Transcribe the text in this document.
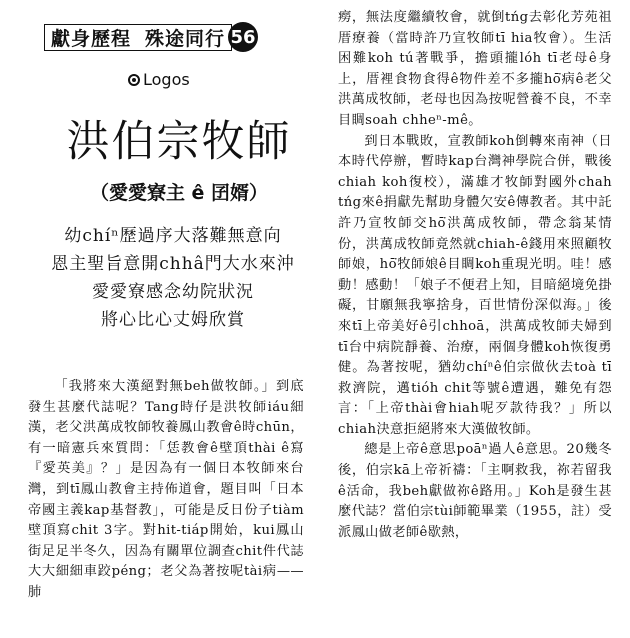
獻身歷程 殊途同行 56
Logos
洪伯宗牧師
（愛愛寮主 ê 囝婿）
幼chíⁿ歷過序大落難無意向
恩主聖旨意開chhâ門大水來沖
愛愛寮感念幼院狀況
將心比心丈姆欣賞

「我將來大漢絕對無beh做牧師。」到底發生甚麼代誌呢？Tang時仔是洪牧師iáu細漢，老父洪萬成牧師牧養鳳山教會ê時chūn，有一暗憲兵來質問：「恁教會ê壁頂thài ê寫『愛英美』？」是因為有一個日本牧師來台灣，到tī鳳山教會主持佈道會，題目叫「日本帝國主義kap基督教」，可能是反日份子tiàm壁頂寫chit 3字。對hit-tiáp開始，kui鳳山街足足半冬久，因為有關單位調查chit件代誌大大細細車跤péng；老父為著按呢tài病——肺

癆，無法度繼續牧會，就倒tńg去彰化芳苑祖厝療養（當時許乃宣牧師tī hia牧會）。生活困難koh tú著戰爭，擔頭攏lóh tī老母ê身上，厝裡食物食得ê物件差不多攏hō͘病ê老父洪萬成牧師，老母也因為按呢營養不良，不幸目睭soah chheⁿ-mê。

到日本戰敗，宣教師koh倒轉來南神（日本時代停辦，暫時kap台灣神學院合併，戰後chiah koh復校），滿雄才牧師對國外chah tńg來ê捐獻先幫助身體欠安ê傳教者。其中託許乃宣牧師交hō͘洪萬成牧師，帶念翁某情份，洪萬成牧師竟然就chiah-ê錢用來照顧牧師娘，hō͘牧師娘ê目睭koh重現光明。哇！感動！感動！「娘子不便君上知，目暗絕境免掛礙，甘願無我寧捨身，百世情份深似海。」後來tī上帝美好ê引chhoā，洪萬成牧師夫婦到tī台中病院靜養、治療，兩個身體koh恢復勇健。為著按呢，猶幼chíⁿê伯宗做伙去toà tī救濟院，邁tióh chit等號ê遭遇，難免有怨言：「上帝thài會hiah呢歹款待我？」所以chiah決意拒絕將來大漢做牧師。

總是上帝ê意思poāⁿ過人ê意思。20幾冬後，伯宗kā上帝祈禱：「主啊救我，祢若留我ê活命，我beh獻做祢ê路用。」Koh是發生甚麼代誌？當伯宗tùi師範畢業（1955，註）受派鳳山做老師ê歇熱，
